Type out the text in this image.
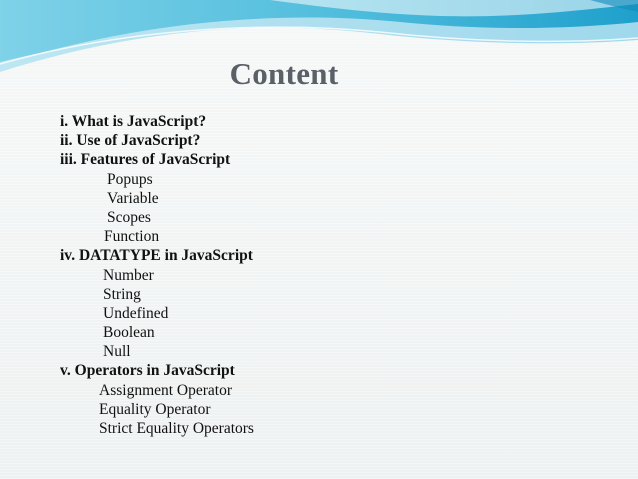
Content
i. What is JavaScript?
ii. Use of JavaScript?
iii. Features of JavaScript
Popups
Variable
Scopes
Function
iv. DATATYPE in JavaScript
Number
String
Undefined
Boolean
Null
v. Operators in JavaScript
Assignment Operator
Equality Operator
Strict Equality Operators
